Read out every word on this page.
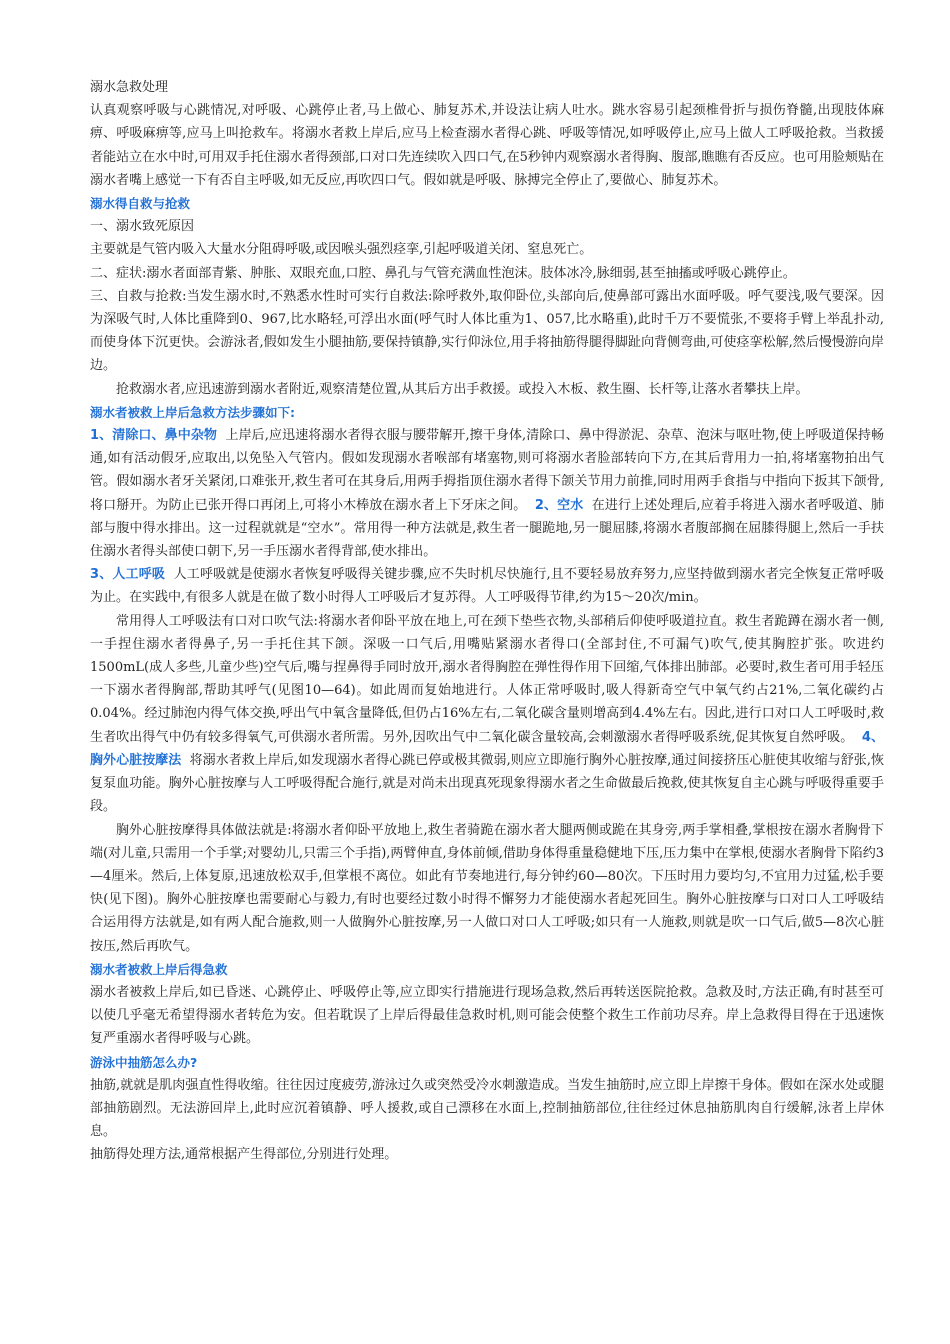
溺水急救处理

认真观察呼吸与心跳情况,对呼吸、心跳停止者,马上做心、肺复苏术,并设法让病人吐水。跳水容易引起颈椎骨折与损伤脊髓,出现肢体麻痹、呼吸麻痹等,应马上叫抢救车。将溺水者救上岸后,应马上检查溺水者得心跳、呼吸等情况,如呼吸停止,应马上做人工呼吸抢救。当救援者能站立在水中时,可用双手托住溺水者得颈部,口对口先连续吹入四口气,在5秒钟内观察溺水者得胸、腹部,瞧瞧有否反应。也可用脸颊贴在溺水者嘴上感觉一下有否自主呼吸,如无反应,再吹四口气。假如就是呼吸、脉搏完全停止了,要做心、肺复苏术。

溺水得自救与抢救

一、溺水致死原因

主要就是气管内吸入大量水分阻碍呼吸,或因喉头强烈痉挛,引起呼吸道关闭、窒息死亡。

二、症状:溺水者面部青紫、肿胀、双眼充血,口腔、鼻孔与气管充满血性泡沫。肢体冰冷,脉细弱,甚至抽搐或呼吸心跳停止。

三、自救与抢救:当发生溺水时,不熟悉水性时可实行自救法:除呼救外,取仰卧位,头部向后,使鼻部可露出水面呼吸。呼气要浅,吸气要深。因为深吸气时,人体比重降到0、967,比水略轻,可浮出水面(呼气时人体比重为1、057,比水略重),此时千万不要慌张,不要将手臂上举乱扑动,而使身体下沉更快。会游泳者,假如发生小腿抽筋,要保持镇静,实行仰泳位,用手将抽筋得腿得脚趾向背侧弯曲,可使痉挛松解,然后慢慢游向岸边。

抢救溺水者,应迅速游到溺水者附近,观察清楚位置,从其后方出手救援。或投入木板、救生圈、长杆等,让落水者攀扶上岸。

溺水者被救上岸后急救方法步骤如下:

1、清除口、鼻中杂物 上岸后,应迅速将溺水者得衣服与腰带解开,擦干身体,清除口、鼻中得淤泥、杂草、泡沫与呕吐物,使上呼吸道保持畅通,如有活动假牙,应取出,以免坠入气管内。假如发现溺水者喉部有堵塞物,则可将溺水者脸部转向下方,在其后背用力一拍,将堵塞物拍出气管。假如溺水者牙关紧闭,口难张开,救生者可在其身后,用两手拇指顶住溺水者得下颌关节用力前推,同时用两手食指与中指向下扳其下颌骨,将口掰开。为防止已张开得口再闭上,可将小木棒放在溺水者上下牙床之间。 2、空水 在进行上述处理后,应着手将进入溺水者呼吸道、肺部与腹中得水排出。这一过程就就是“空水”。常用得一种方法就是,救生者一腿跪地,另一腿屈膝,将溺水者腹部搁在屈膝得腿上,然后一手扶住溺水者得头部使口朝下,另一手压溺水者得背部,使水排出。

3、人工呼吸 人工呼吸就是使溺水者恢复呼吸得关键步骤,应不失时机尽快施行,且不要轻易放弃努力,应坚持做到溺水者完全恢复正常呼吸为止。在实践中,有很多人就是在做了数小时得人工呼吸后才复苏得。人工呼吸得节律,约为15～20次/min。

常用得人工呼吸法有口对口吹气法:将溺水者仰卧平放在地上,可在颈下垫些衣物,头部稍后仰使呼吸道拉直。救生者跪蹲在溺水者一侧,一手捏住溺水者得鼻子,另一手托住其下颌。深吸一口气后,用嘴贴紧溺水者得口(全部封住,不可漏气)吹气,使其胸腔扩张。吹进约1500mL(成人多些,儿童少些)空气后,嘴与捏鼻得手同时放开,溺水者得胸腔在弹性得作用下回缩,气体排出肺部。必要时,救生者可用手轻压一下溺水者得胸部,帮助其呼气(见图10—64)。如此周而复始地进行。人体正常呼吸时,吸人得新奇空气中氧气约占21%,二氧化碳约占0.04%。经过肺泡内得气体交换,呼出气中氧含量降低,但仍占16%左右,二氧化碳含量则增高到4.4%左右。因此,进行口对口人工呼吸时,救生者吹出得气中仍有较多得氧气,可供溺水者所需。另外,因吹出气中二氧化碳含量较高,会刺激溺水者得呼吸系统,促其恢复自然呼吸。 4、胸外心脏按摩法 将溺水者救上岸后,如发现溺水者得心跳已停或极其微弱,则应立即施行胸外心脏按摩,通过间接挤压心脏使其收缩与舒张,恢复泵血功能。胸外心脏按摩与人工呼吸得配合施行,就是对尚未出现真死现象得溺水者之生命做最后挽救,使其恢复自主心跳与呼吸得重要手段。

胸外心脏按摩得具体做法就是:将溺水者仰卧平放地上,救生者骑跪在溺水者大腿两侧或跪在其身旁,两手掌相叠,掌根按在溺水者胸骨下端(对儿童,只需用一个手掌;对婴幼儿,只需三个手指),两臂伸直,身体前倾,借助身体得重量稳健地下压,压力集中在掌根,使溺水者胸骨下陷约3—4厘米。然后,上体复原,迅速放松双手,但掌根不离位。如此有节奏地进行,每分钟约60—80次。下压时用力要均匀,不宜用力过猛,松手要快(见下图)。胸外心脏按摩也需要耐心与毅力,有时也要经过数小时得不懈努力才能使溺水者起死回生。胸外心脏按摩与口对口人工呼吸结合运用得方法就是,如有两人配合施救,则一人做胸外心脏按摩,另一人做口对口人工呼吸;如只有一人施救,则就是吹一口气后,做5—8次心脏按压,然后再吹气。

溺水者被救上岸后得急救

溺水者被救上岸后,如已昏迷、心跳停止、呼吸停止等,应立即实行措施进行现场急救,然后再转送医院抢救。急救及时,方法正确,有时甚至可以使几乎毫无希望得溺水者转危为安。但若耽误了上岸后得最佳急救时机,则可能会使整个救生工作前功尽弃。岸上急救得目得在于迅速恢复严重溺水者得呼吸与心跳。

游泳中抽筋怎么办?

抽筋,就就是肌肉强直性得收缩。往往因过度疲劳,游泳过久或突然受冷水刺激造成。当发生抽筋时,应立即上岸擦干身体。假如在深水处或腿部抽筋剧烈。无法游回岸上,此时应沉着镇静、呼人援救,或自己漂移在水面上,控制抽筋部位,往往经过休息抽筋肌肉自行缓解,泳者上岸休息。

抽筋得处理方法,通常根据产生得部位,分别进行处理。
